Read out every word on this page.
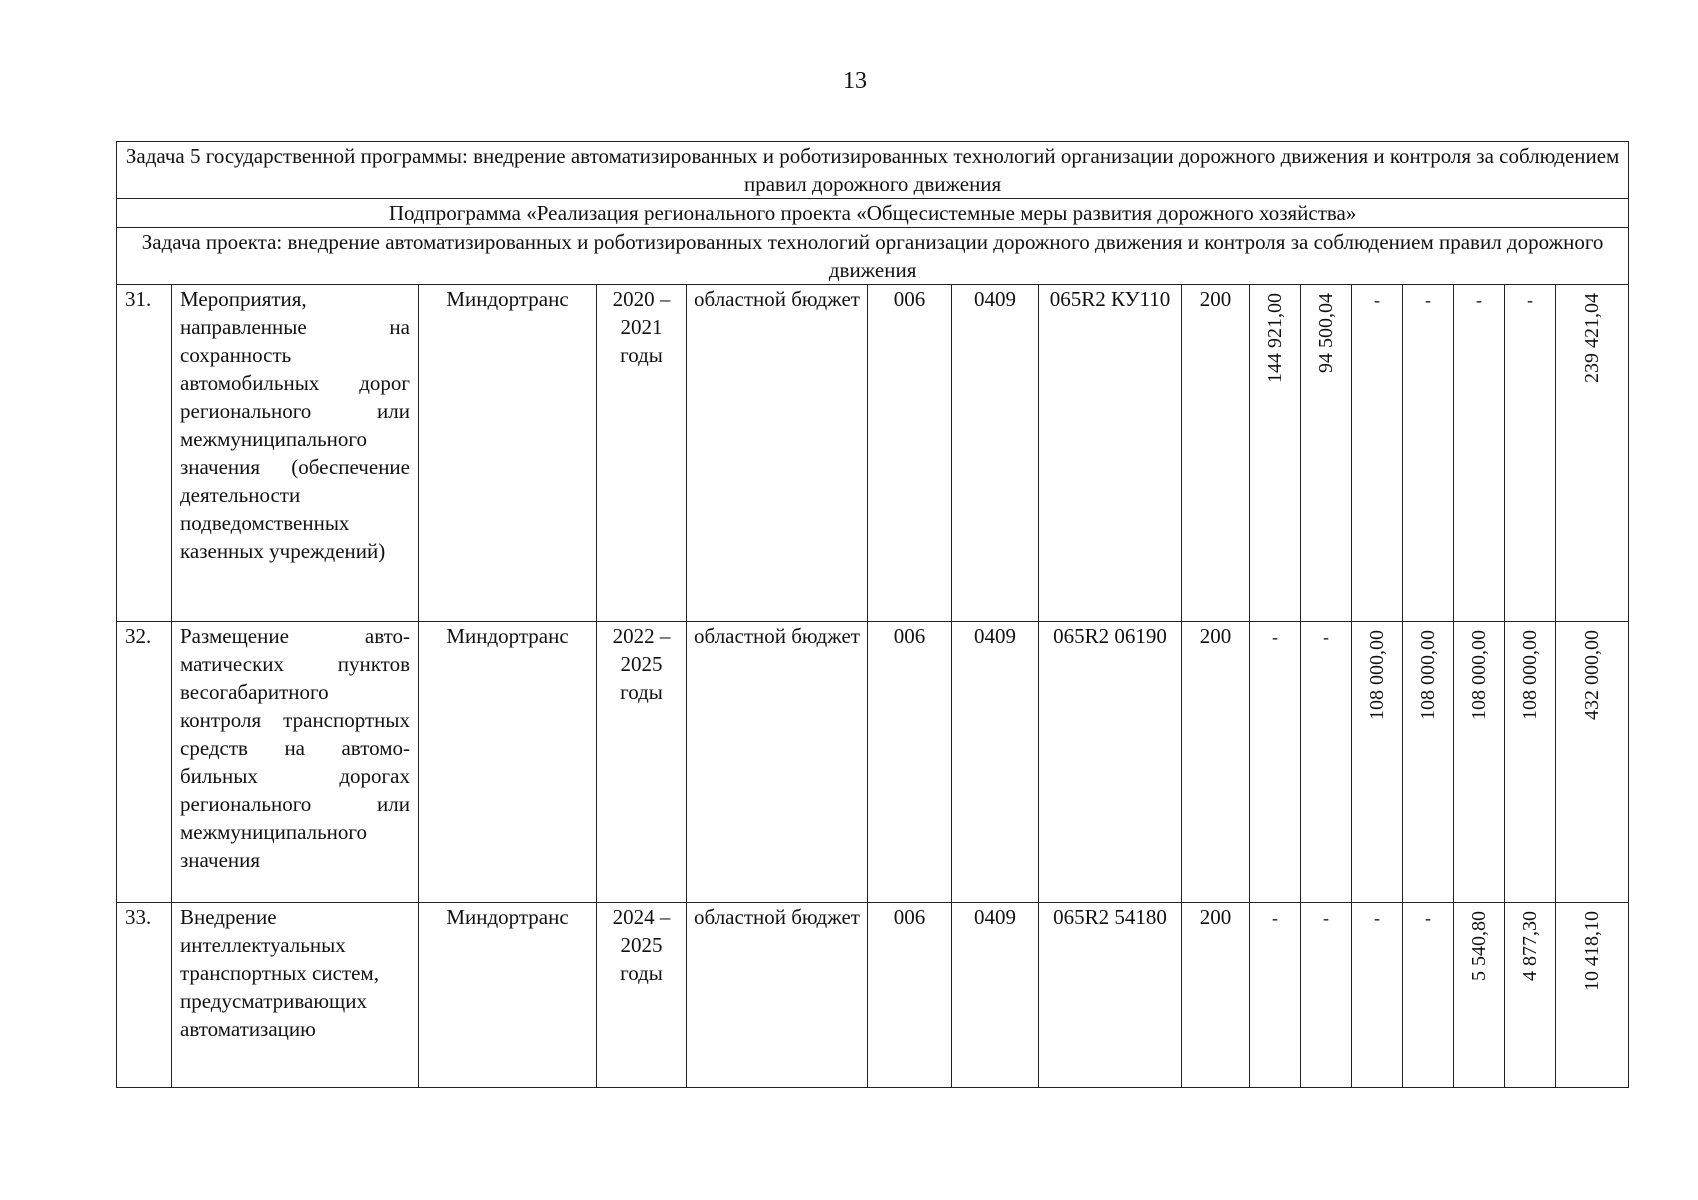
13
Задача 5 государственной программы: внедрение автоматизированных и роботизированных технологий организации дорожного движения и контроля за соблюдением правил дорожного движения															
Подпрограмма «Реализация регионального проекта «Общесистемные меры развития дорожного хозяйства»															
Задача проекта: внедрение автоматизированных и роботизированных технологий организации дорожного движения и контроля за соблюдением правил дорожного движения															
31.	Мероприятия, направленные на сохранность автомобильных дорог регионального или межмуниципального значения (обеспечение деятельности подведомственных казенных учреждений)	Миндортранс	2020 – 2021 годы	областной бюджет	006	0409	065R2 КУ110	200	144 921,00	94 500,04	-	-	-	-	239 421,04
32.	Размещение авто-матических пунктов весогабаритного контроля транспортных средств на автомо-бильных дорогах регионального или межмуниципального значения	Миндортранс	2022 – 2025 годы	областной бюджет	006	0409	065R2 06190	200	-	-	108 000,00	108 000,00	108 000,00	108 000,00	432 000,00
33.	Внедрение интеллектуальных транспортных систем, предусматривающих автоматизацию	Миндортранс	2024 – 2025 годы	областной бюджет	006	0409	065R2 54180	200	-	-	-	-	5 540,80	4 877,30	10 418,10
